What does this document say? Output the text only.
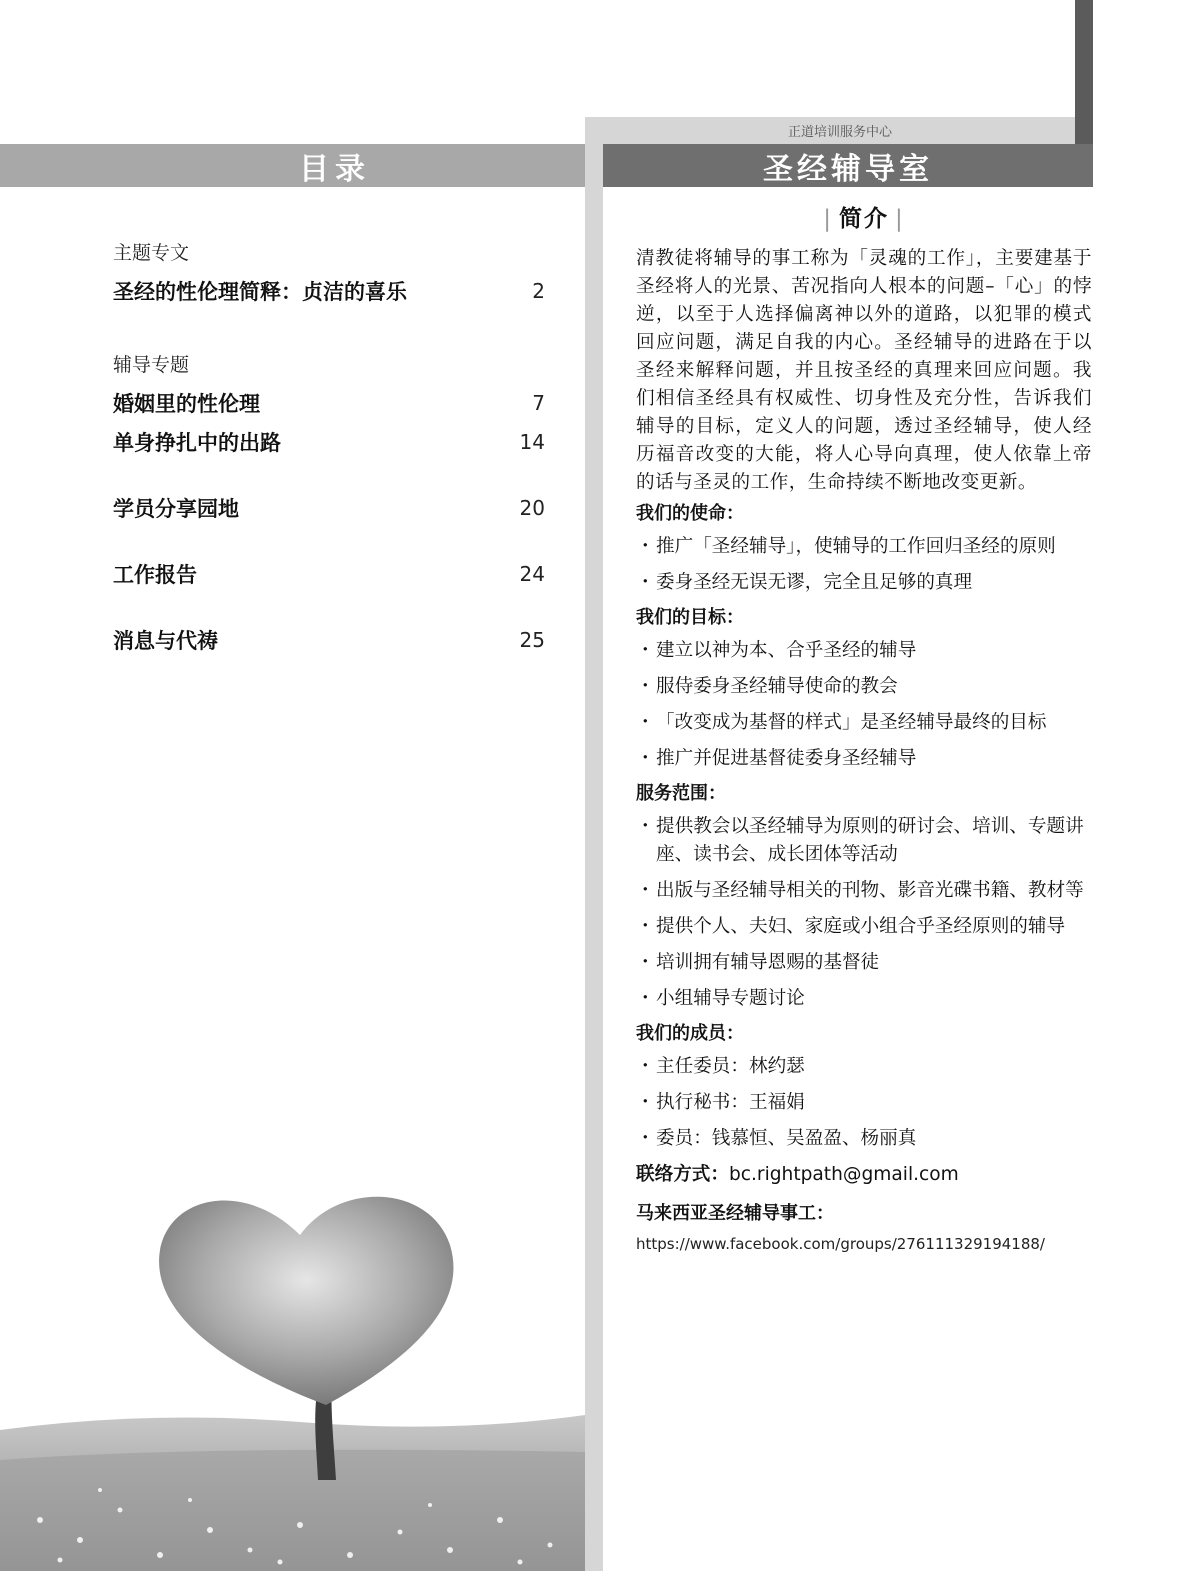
正道培训服务中心
目录	圣经辅导室
主题专文
圣经的性伦理简释：贞洁的喜乐	2
辅导专题
婚姻里的性伦理	7
单身挣扎中的出路	14
学员分享园地	20
工作报告	24
消息与代祷	25
| 简介 |

清教徒将辅导的事工称为「灵魂的工作」，主要建基于圣经将人的光景、苦况指向人根本的问题–「心」的悖逆，以至于人选择偏离神以外的道路，以犯罪的模式回应问题，满足自我的内心。圣经辅导的进路在于以圣经来解释问题，并且按圣经的真理来回应问题。我们相信圣经具有权威性、切身性及充分性，告诉我们辅导的目标，定义人的问题，透过圣经辅导，使人经历福音改变的大能，将人心导向真理，使人依靠上帝的话与圣灵的工作，生命持续不断地改变更新。

我们的使命：
・推广「圣经辅导」，使辅导的工作回归圣经的原则
・委身圣经无误无谬，完全且足够的真理
我们的目标：
・建立以神为本、合乎圣经的辅导
・服侍委身圣经辅导使命的教会
・「改变成为基督的样式」是圣经辅导最终的目标
・推广并促进基督徒委身圣经辅导
服务范围：
・提供教会以圣经辅导为原则的研讨会、培训、专题讲座、读书会、成长团体等活动
・出版与圣经辅导相关的刊物、影音光碟书籍、教材等
・提供个人、夫妇、家庭或小组合乎圣经原则的辅导
・培训拥有辅导恩赐的基督徒
・小组辅导专题讨论
我们的成员：
・主任委员：林约瑟
・执行秘书：王福娟
・委员：钱慕恒、吴盈盈、杨丽真
联络方式：bc.rightpath@gmail.com
马来西亚圣经辅导事工：

https://www.facebook.com/groups/276111329194188/
